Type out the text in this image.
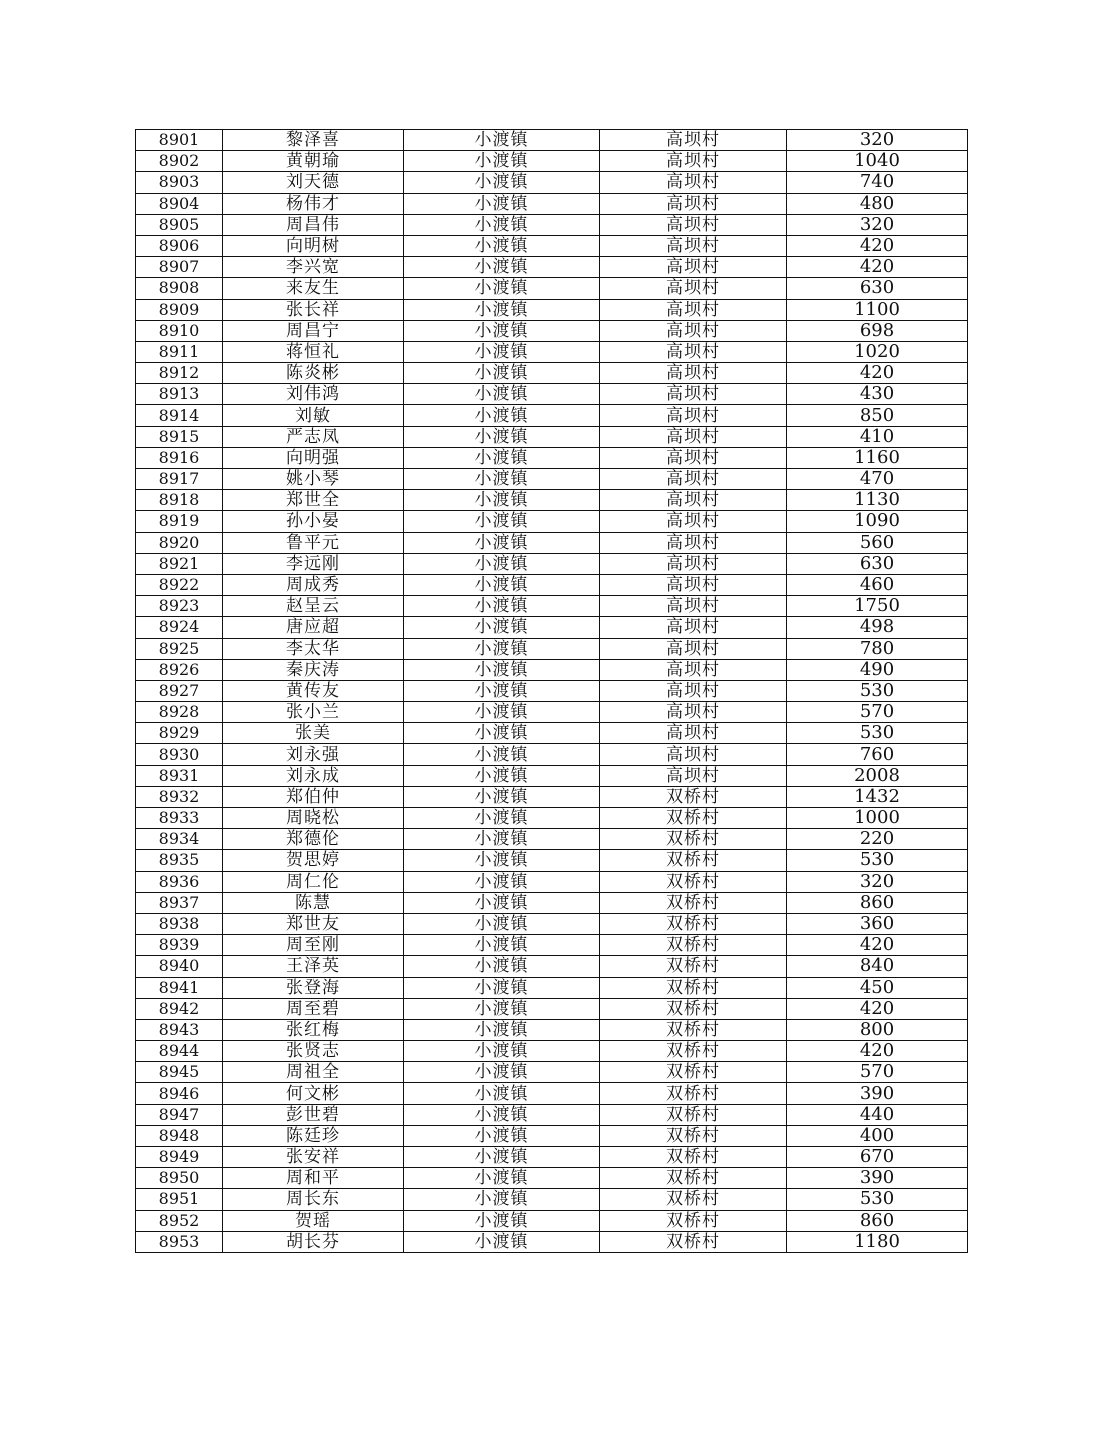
8901	黎泽喜	小渡镇	高坝村	320
8902	黄朝瑜	小渡镇	高坝村	1040
8903	刘天德	小渡镇	高坝村	740
8904	杨伟才	小渡镇	高坝村	480
8905	周昌伟	小渡镇	高坝村	320
8906	向明树	小渡镇	高坝村	420
8907	李兴宽	小渡镇	高坝村	420
8908	来友生	小渡镇	高坝村	630
8909	张长祥	小渡镇	高坝村	1100
8910	周昌宁	小渡镇	高坝村	698
8911	蒋恒礼	小渡镇	高坝村	1020
8912	陈炎彬	小渡镇	高坝村	420
8913	刘伟鸿	小渡镇	高坝村	430
8914	刘敏	小渡镇	高坝村	850
8915	严志凤	小渡镇	高坝村	410
8916	向明强	小渡镇	高坝村	1160
8917	姚小琴	小渡镇	高坝村	470
8918	郑世全	小渡镇	高坝村	1130
8919	孙小晏	小渡镇	高坝村	1090
8920	鲁平元	小渡镇	高坝村	560
8921	李远刚	小渡镇	高坝村	630
8922	周成秀	小渡镇	高坝村	460
8923	赵呈云	小渡镇	高坝村	1750
8924	唐应超	小渡镇	高坝村	498
8925	李太华	小渡镇	高坝村	780
8926	秦庆涛	小渡镇	高坝村	490
8927	黄传友	小渡镇	高坝村	530
8928	张小兰	小渡镇	高坝村	570
8929	张美	小渡镇	高坝村	530
8930	刘永强	小渡镇	高坝村	760
8931	刘永成	小渡镇	高坝村	2008
8932	郑伯仲	小渡镇	双桥村	1432
8933	周晓松	小渡镇	双桥村	1000
8934	郑德伦	小渡镇	双桥村	220
8935	贺思婷	小渡镇	双桥村	530
8936	周仁伦	小渡镇	双桥村	320
8937	陈慧	小渡镇	双桥村	860
8938	郑世友	小渡镇	双桥村	360
8939	周至刚	小渡镇	双桥村	420
8940	王泽英	小渡镇	双桥村	840
8941	张登海	小渡镇	双桥村	450
8942	周至碧	小渡镇	双桥村	420
8943	张红梅	小渡镇	双桥村	800
8944	张贤志	小渡镇	双桥村	420
8945	周祖全	小渡镇	双桥村	570
8946	何文彬	小渡镇	双桥村	390
8947	彭世碧	小渡镇	双桥村	440
8948	陈廷珍	小渡镇	双桥村	400
8949	张安祥	小渡镇	双桥村	670
8950	周和平	小渡镇	双桥村	390
8951	周长东	小渡镇	双桥村	530
8952	贺瑶	小渡镇	双桥村	860
8953	胡长芬	小渡镇	双桥村	1180
